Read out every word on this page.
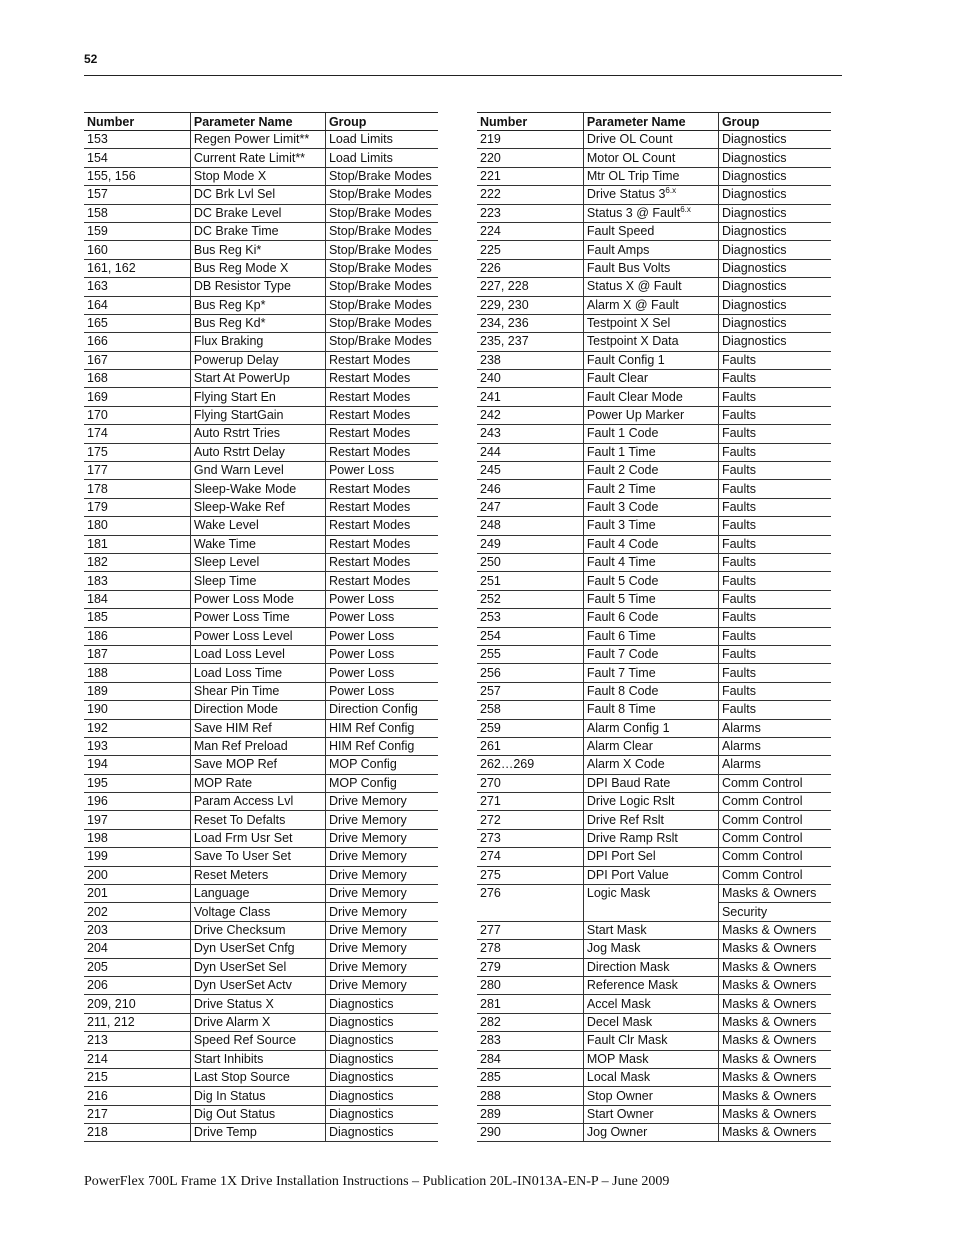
52
Number	Parameter Name	Group
153	Regen Power Limit**	Load Limits
154	Current Rate Limit**	Load Limits
155, 156	Stop Mode X	Stop/Brake Modes
157	DC Brk Lvl Sel	Stop/Brake Modes
158	DC Brake Level	Stop/Brake Modes
159	DC Brake Time	Stop/Brake Modes
160	Bus Reg Ki*	Stop/Brake Modes
161, 162	Bus Reg Mode X	Stop/Brake Modes
163	DB Resistor Type	Stop/Brake Modes
164	Bus Reg Kp*	Stop/Brake Modes
165	Bus Reg Kd*	Stop/Brake Modes
166	Flux Braking	Stop/Brake Modes
167	Powerup Delay	Restart Modes
168	Start At PowerUp	Restart Modes
169	Flying Start En	Restart Modes
170	Flying StartGain	Restart Modes
174	Auto Rstrt Tries	Restart Modes
175	Auto Rstrt Delay	Restart Modes
177	Gnd Warn Level	Power Loss
178	Sleep-Wake Mode	Restart Modes
179	Sleep-Wake Ref	Restart Modes
180	Wake Level	Restart Modes
181	Wake Time	Restart Modes
182	Sleep Level	Restart Modes
183	Sleep Time	Restart Modes
184	Power Loss Mode	Power Loss
185	Power Loss Time	Power Loss
186	Power Loss Level	Power Loss
187	Load Loss Level	Power Loss
188	Load Loss Time	Power Loss
189	Shear Pin Time	Power Loss
190	Direction Mode	Direction Config
192	Save HIM Ref	HIM Ref Config
193	Man Ref Preload	HIM Ref Config
194	Save MOP Ref	MOP Config
195	MOP Rate	MOP Config
196	Param Access Lvl	Drive Memory
197	Reset To Defalts	Drive Memory
198	Load Frm Usr Set	Drive Memory
199	Save To User Set	Drive Memory
200	Reset Meters	Drive Memory
201	Language	Drive Memory
202	Voltage Class	Drive Memory
203	Drive Checksum	Drive Memory
204	Dyn UserSet Cnfg	Drive Memory
205	Dyn UserSet Sel	Drive Memory
206	Dyn UserSet Actv	Drive Memory
209, 210	Drive Status X	Diagnostics
211, 212	Drive Alarm X	Diagnostics
213	Speed Ref Source	Diagnostics
214	Start Inhibits	Diagnostics
215	Last Stop Source	Diagnostics
216	Dig In Status	Diagnostics
217	Dig Out Status	Diagnostics
218	Drive Temp	Diagnostics
Number	Parameter Name	Group
219	Drive OL Count	Diagnostics
220	Motor OL Count	Diagnostics
221	Mtr OL Trip Time	Diagnostics
222	Drive Status $3^{6.x}$	Diagnostics
223	Status 3 @ Fault$^{6.x}$	Diagnostics
224	Fault Speed	Diagnostics
225	Fault Amps	Diagnostics
226	Fault Bus Volts	Diagnostics
227, 228	Status X @ Fault	Diagnostics
229, 230	Alarm X @ Fault	Diagnostics
234, 236	Testpoint X Sel	Diagnostics
235, 237	Testpoint X Data	Diagnostics
238	Fault Config 1	Faults
240	Fault Clear	Faults
241	Fault Clear Mode	Faults
242	Power Up Marker	Faults
243	Fault 1 Code	Faults
244	Fault 1 Time	Faults
245	Fault 2 Code	Faults
246	Fault 2 Time	Faults
247	Fault 3 Code	Faults
248	Fault 3 Time	Faults
249	Fault 4 Code	Faults
250	Fault 4 Time	Faults
251	Fault 5 Code	Faults
252	Fault 5 Time	Faults
253	Fault 6 Code	Faults
254	Fault 6 Time	Faults
255	Fault 7 Code	Faults
256	Fault 7 Time	Faults
257	Fault 8 Code	Faults
258	Fault 8 Time	Faults
259	Alarm Config 1	Alarms
261	Alarm Clear	Alarms
262…269	Alarm X Code	Alarms
270	DPI Baud Rate	Comm Control
271	Drive Logic Rslt	Comm Control
272	Drive Ref Rslt	Comm Control
273	Drive Ramp Rslt	Comm Control
274	DPI Port Sel	Comm Control
275	DPI Port Value	Comm Control
276	Logic Mask	Masks & Owners
		Security
277	Start Mask	Masks & Owners
278	Jog Mask	Masks & Owners
279	Direction Mask	Masks & Owners
280	Reference Mask	Masks & Owners
281	Accel Mask	Masks & Owners
282	Decel Mask	Masks & Owners
283	Fault Clr Mask	Masks & Owners
284	MOP Mask	Masks & Owners
285	Local Mask	Masks & Owners
288	Stop Owner	Masks & Owners
289	Start Owner	Masks & Owners
290	Jog Owner	Masks & Owners
PowerFlex 700L Frame 1X Drive Installation Instructions – Publication 20L-IN013A-EN-P – June 2009
